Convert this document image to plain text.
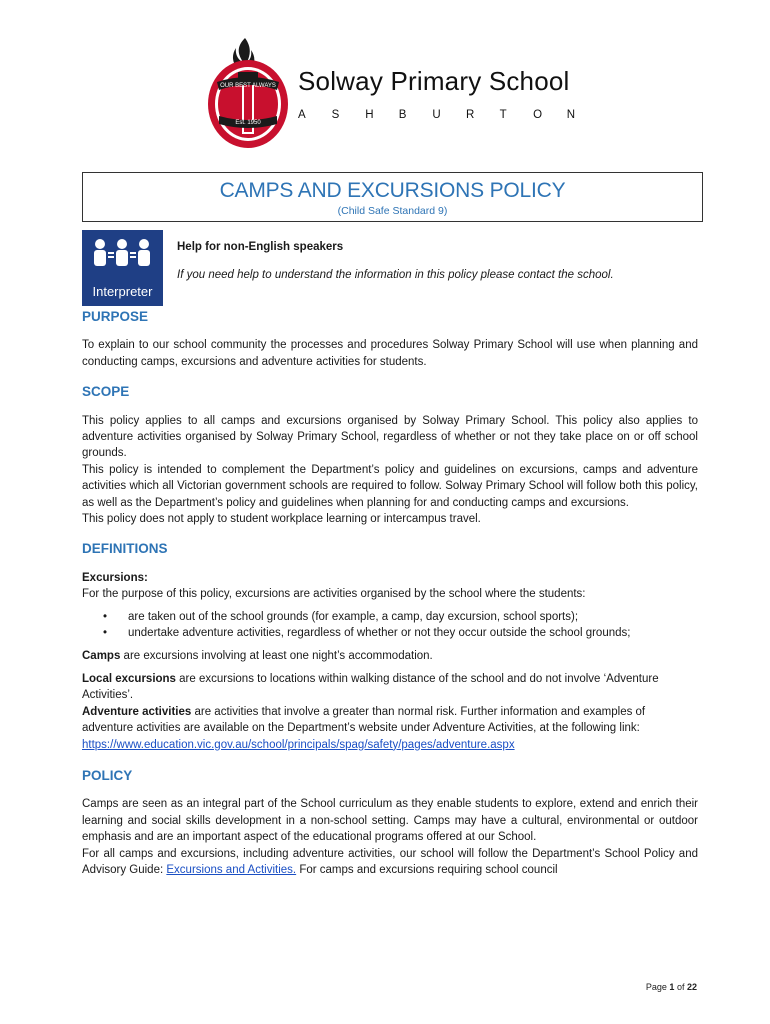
OUR BEST ALWAYS
Est. 1950
Solway Primary School
A S H B U R T O N
CAMPS AND EXCURSIONS POLICY
(Child Safe Standard 9)
Interpreter
Help for non-English speakers
If you need help to understand the information in this policy please contact the school.
PURPOSE

To explain to our school community the processes and procedures Solway Primary School will use when planning and conducting camps, excursions and adventure activities for students.

SCOPE

This policy applies to all camps and excursions organised by Solway Primary School. This policy also applies to adventure activities organised by Solway Primary School, regardless of whether or not they take place on or off school grounds.

This policy is intended to complement the Department’s policy and guidelines on excursions, camps and adventure activities which all Victorian government schools are required to follow. Solway Primary School will follow both this policy, as well as the Department’s policy and guidelines when planning for and conducting camps and excursions.

This policy does not apply to student workplace learning or intercampus travel.

DEFINITIONS

Excursions:

For the purpose of this policy, excursions are activities organised by the school where the students:

• are taken out of the school grounds (for example, a camp, day excursion, school sports);
• undertake adventure activities, regardless of whether or not they occur outside the school grounds;

Camps are excursions involving at least one night’s accommodation.

Local excursions are excursions to locations within walking distance of the school and do not involve ‘Adventure Activities’.

Adventure activities are activities that involve a greater than normal risk. Further information and examples of adventure activities are available on the Department’s website under Adventure Activities, at the following link:

https://www.education.vic.gov.au/school/principals/spag/safety/pages/adventure.aspx

POLICY

Camps are seen as an integral part of the School curriculum as they enable students to explore, extend and enrich their learning and social skills development in a non-school setting. Camps may have a cultural, environmental or outdoor emphasis and are an important aspect of the educational programs offered at our School.

For all camps and excursions, including adventure activities, our school will follow the Department’s School Policy and Advisory Guide: Excursions and Activities. For camps and excursions requiring school council

Page 1 of 22
